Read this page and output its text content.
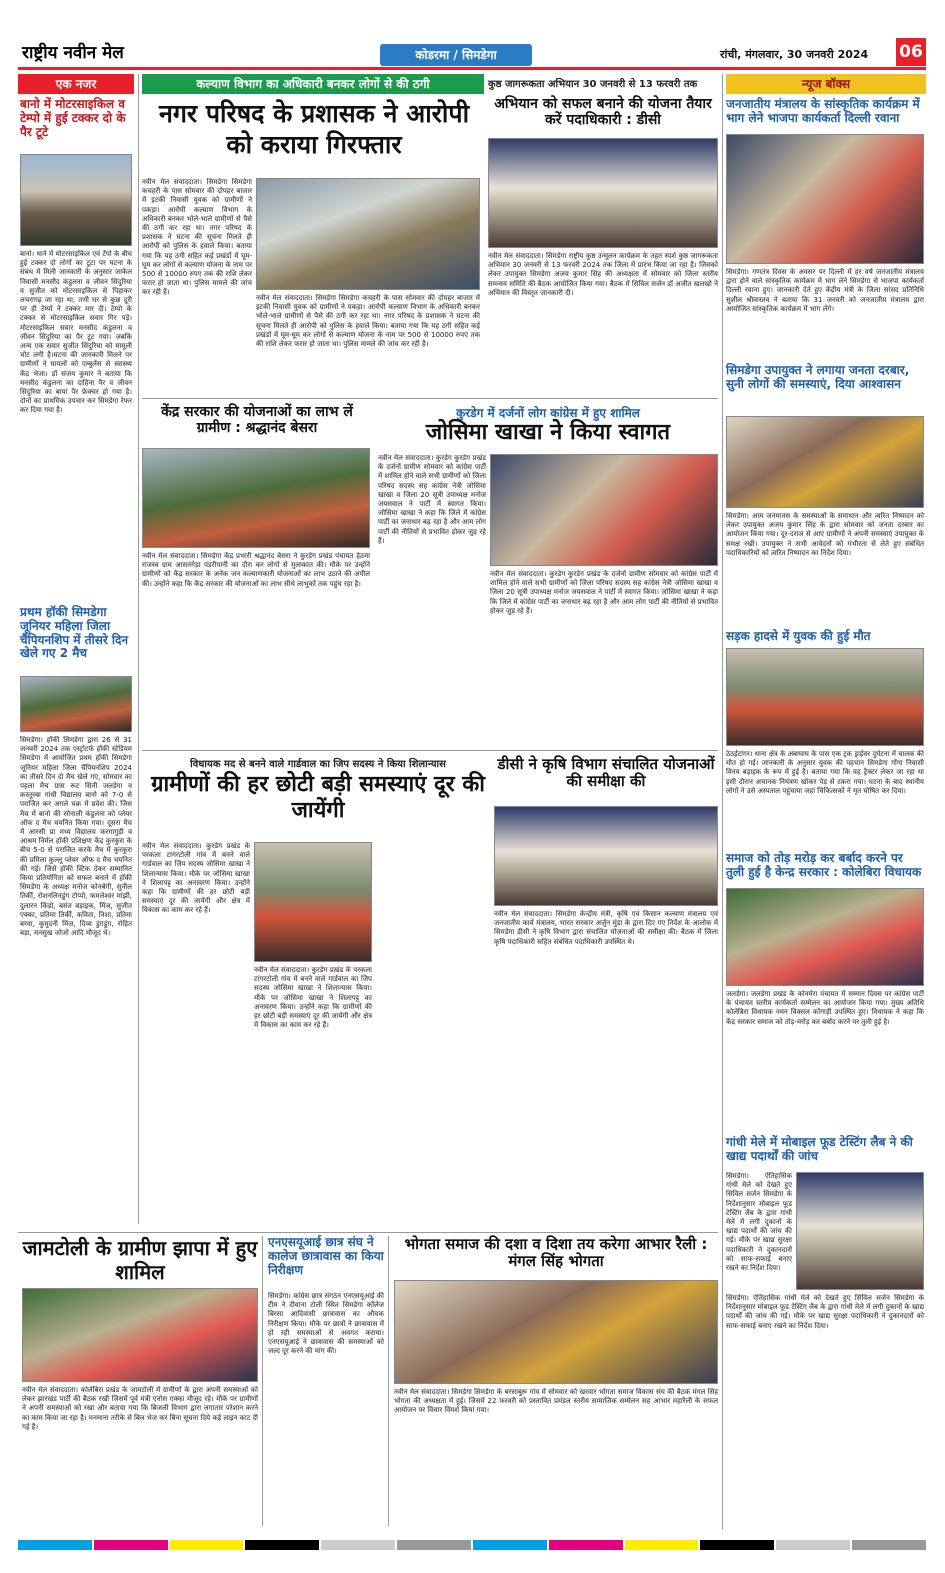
राष्ट्रीय नवीन मेल	कोडरमा / सिमडेगा	रांची, मंगलवार, 30 जनवरी 2024 06
एक नजर
बानो में मोटरसाइकिल व टेम्पो में हुई टक्कर दो के पैर टूटे
बानो। थाने में मोटरसाइकिल एवं टेंपो के बीच हुई टक्कर दो लोगों का टूटा पर घटना के संबंध में मिली जानकारी के अनुसार जाकेल निवासी मनसीद कंडुलना व जीवन सिंदुरिया व सुजीत को मोटरसाइकिल से पिहाकर लचरागढ़ जा रहा था, तभी घर से कुछ दूरी पर ही टेम्पो ने टक्कर मार दी। टेम्पो के टक्कर से मोटरसाइकिल सवार गिर पड़े। मोटरसाइकिल सवार मनसीद कंडुलना व जीवन सिंदुरिया का पैर टूट गया। जबकि अन्य एक सवार सुजीत सिंदुरिया को मामूली चोट लगी है।घटना की जानकारी मिलने पर ग्रामीणों ने घायलों को एम्बुलेंस से स्वास्थ्य केंद्र भेजा। डॉ संजय कुमार ने बताया कि मनसीद कंडुलना का दाहिना पैर व जीवन सिंदुरिया का बायां पैर फ्रेक्चर हो गया है। दोनों का प्राथमिक उपचार कर सिमडेगा रेफर कर दिया गया है।
प्रथम हॉकी सिमडेगा जूनियर महिला जिला चैंपियनशिप में तीसरे दिन खेले गए 2 मैच
सिमडेगा। हॉकी सिमडेगा द्वारा 26 से 31 जनवरी 2024 तक एस्ट्रोटर्फ हॉकी स्टेडियम सिमडेगा में आयोजित प्रथम हॉकी सिमडेगा जूनियर महिला जिला चैंपियनशिप 2024 का तीसरे दिन दो मैच खेले गए, सोमवार का पहला मैच ग्रास रूट सिनी जलडेगा व कस्तूरबा गांधी विद्यालय बानो को 7-0 से पराजित कर अगले चक्र में प्रवेश की। जिस मैच में बानो की सोनाली कंडुलना को प्लेयर ऑफ द मैच चयनित किया गया। दूसरा मैच में आरसी प्रा मध्य विद्यालय करगागुड़ी व आश्रम निर्मल हॉकी प्रशिक्षण केंद्र कुरकुरा के बीच 5-0 से पराजित करके मैच में कुरकुरा की प्रमिला कुल्लू प्लेयर ऑफ द मैच चयनित की गई। जिसे हॉकी स्टिक देकर सम्मानित किया प्रतियोगिता को सफल बनाने में हॉकी सिमडेगा के अध्यक्ष मनोज कोनबेगी, सुनील तिर्की, रोशनलिनडुंग टोप्पो, कमलेश्वर मांझी, दुलारन किंडो, बसंत बड़ाइक, मिंज, सुजीत एक्का, प्रतिमा तिर्की, कविता, निशा, प्रतिमा बरवा, कुमुदनी मिंज, दिव्य डुंगडुंग, रोहित बड़ा, मनसुख जोजो आदि मौजूद थे।
कल्याण विभाग का अधिकारी बनकर लोगों से की ठगी
नगर परिषद के प्रशासक ने आरोपी को कराया गिरफ्तार
नवीन मेल संवाददाता। सिमडेगा सिमडेगा कचहरी के पास सोमवार की दोपहर बाजार में इटकी निवासी युवक को ग्रामीणों ने पकड़ा। आरोपी कल्याण विभाग के अधिकारी बनकर भोले-भाले ग्रामीणों से पैसे की ठगी कर रहा था। नगर परिषद के प्रशासक ने घटना की सूचना मिलते ही आरोपी को पुलिस के हवाले किया। बताया गया कि यह ठगी सहित कई प्रखंडों में घूम-घूम कर लोगों से कल्याण योजना के नाम पर 500 से 10000 रुपए तक की राशि लेकर फरार हो जाता था। पुलिस मामले की जांच कर रही है।
नवीन मेल संवाददाता। सिमडेगा सिमडेगा कचहरी के पास सोमवार की दोपहर बाजार में इटकी निवासी युवक को ग्रामीणों ने पकड़ा। आरोपी कल्याण विभाग के अधिकारी बनकर भोले-भाले ग्रामीणों से पैसे की ठगी कर रहा था। नगर परिषद के प्रशासक ने घटना की सूचना मिलते ही आरोपी को पुलिस के हवाले किया। बताया गया कि यह ठगी सहित कई प्रखंडों में घूम-घूम कर लोगों से कल्याण योजना के नाम पर 500 से 10000 रुपए तक की राशि लेकर फरार हो जाता था। पुलिस मामले की जांच कर रही है।
कुष्ठ जागरूकता अभियान 30 जनवरी से 13 फरवरी तक
अभियान को सफल बनाने की योजना तैयार करें पदाधिकारी : डीसी
नवीन मेल संवाददाता। सिमडेगा राष्ट्रीय कुष्ठ उन्मूलन कार्यक्रम के तहत स्पर्श कुष्ठ जागरूकता अभियान 30 जनवरी से 13 फरवरी 2024 तक जिला में प्रारंभ किया जा रहा है। जिसको लेकर उपायुक्त सिमडेगा अजय कुमार सिंह की अध्यक्षता में सोमवार को जिला स्तरीय समन्वय समिति की बैठक आयोजित किया गया। बैठक में सिविल सर्जन डॉ अजीत खलखो ने अभियान की विस्तृत जानकारी दी।
न्यूज बॉक्स
जनजातीय मंत्रालय के सांस्कृतिक कार्यक्रम में भाग लेने भाजपा कार्यकर्ता दिल्ली रवाना
सिमडेगा। गणतंत्र दिवस के अवसर पर दिल्ली में हर वर्ष जनजातीय मंत्रालय द्वारा होने वाले सांस्कृतिक कार्यक्रम में भाग लेने सिमडेगा से भाजपा कार्यकर्ता दिल्ली रवाना हुए। जानकारी देते हुए केंद्रीय मंत्री के जिला सांसद प्रतिनिधि सुशील श्रीवास्तव ने बताया कि 31 जनवरी को जनजातीय मंत्रालय द्वारा आयोजित सांस्कृतिक कार्यक्रम में भाग लेंगे।
सिमडेगा उपायुक्त ने लगाया जनता दरबार, सुनी लोगों की समस्याएं, दिया आश्वासन
सिमडेगा। आम जनमानस के समस्याओं के समाधान और त्वरित निष्पादन को लेकर उपायुक्त अजय कुमार सिंह के द्वारा सोमवार को जनता दरबार का आयोजन किया गया। दूर-दराज से आए ग्रामीणों ने अपनी समस्याएं उपायुक्त के समक्ष रखी। उपायुक्त ने सभी आवेदनों को गंभीरता से लेते हुए संबंधित पदाधिकारियों को त्वरित निष्पादन का निर्देश दिया।
सड़क हादसे में युवक की हुई मौत
ठेठईटांगर। थाना क्षेत्र के अंबाघाघ के पास एक ट्रक ड्राईवर दुर्घटना में चालक की मौत हो गई। जानकारी के अनुसार युवक की पहचान सिमडेगा गोंगा निवासी विनय बड़ाइक के रूप में हुई है। बताया गया कि वह ट्रैक्टर लेकर जा रहा था इसी दौरान अचानक नियंत्रण खोकर पेड़ से टकरा गया। घटना के बाद स्थानीय लोगों ने उसे अस्पताल पहुंचाया जहां चिकित्सकों ने मृत घोषित कर दिया।
समाज को तोड़ मरोड़ कर बर्बाद करने पर तुली हुई है केन्द्र सरकार : कोलेबिरा विधायक
जलडेगा। जलडेगा प्रखंड के कोनमेरा पंचायत में सम्मान दिवस पर कांग्रेस पार्टी के पंचायत स्तरीय कार्यकर्ता सम्मेलन का आयोजन किया गया। मुख्य अतिथि कोलेबिरा विधायक नमन विक्सल कोंगाड़ी उपस्थित हुए। विधायक ने कहा कि केंद्र सरकार समाज को तोड़-मरोड़ कर बर्बाद करने पर तुली हुई है।
गांधी मेले में मोबाइल फूड टेस्टिंग लैब ने की खाद्य पदार्थों की जांच
सिमडेगा। ऐतिहासिक गांधी मेले को देखते हुए सिविल सर्जन सिमडेगा के निर्देशानुसार मोबाइल फूड टेस्टिंग लैब के द्वारा गांधी मेले में लगी दुकानों के खाद्य पदार्थों की जांच की गई। मौके पर खाद्य सुरक्षा पदाधिकारी ने दुकानदारों को साफ-सफाई बनाए रखने का निर्देश दिया।
सिमडेगा। ऐतिहासिक गांधी मेले को देखते हुए सिविल सर्जन सिमडेगा के निर्देशानुसार मोबाइल फूड टेस्टिंग लैब के द्वारा गांधी मेले में लगी दुकानों के खाद्य पदार्थों की जांच की गई। मौके पर खाद्य सुरक्षा पदाधिकारी ने दुकानदारों को साफ-सफाई बनाए रखने का निर्देश दिया।
केंद्र सरकार की योजनाओं का लाभ लें ग्रामीण : श्रद्धानंद बेसरा
नवीन मेल संवाददाता। सिमडेगा केंद्र प्रभारी श्रद्धानंद बेसरा ने कुरडेग प्रखंड पंचायत हेठमा राजस्व ग्राम आसनंगेड़ा पंडरीपानी का दौरा कर लोगों से मुलाकात की। मौके पर उन्होंने ग्रामीणों को केंद्र सरकार के अनेक जन कल्याणकारी योजनाओं का लाभ उठाने की अपील की। उन्होंने कहा कि केंद्र सरकार की योजनाओं का लाभ सीधे लाभुकों तक पहुंच रहा है।
कुरडेग में दर्जनों लोग कांग्रेस में हुए शामिल
जोसिमा खाखा ने किया स्वागत
नवीन मेल संवाददाता। कुरडेग कुरडेग प्रखंड के दर्जनों ग्रामीण सोमवार को कांग्रेस पार्टी में शामिल होने वाले सभी ग्रामीणों को जिला परिषद सदस्य सह कांग्रेस नेत्री जोसिमा खाखा व जिला 20 सूत्री उपाध्यक्ष मनोज जयसवाल ने पार्टी में स्वागत किया। जोसिमा खाखा ने कहा कि जिले में कांग्रेस पार्टी का जनाधार बढ़ रहा है और आम लोग पार्टी की नीतियों से प्रभावित होकर जुड़ रहे हैं।
नवीन मेल संवाददाता। कुरडेग कुरडेग प्रखंड के दर्जनों ग्रामीण सोमवार को कांग्रेस पार्टी में शामिल होने वाले सभी ग्रामीणों को जिला परिषद सदस्य सह कांग्रेस नेत्री जोसिमा खाखा व जिला 20 सूत्री उपाध्यक्ष मनोज जयसवाल ने पार्टी में स्वागत किया। जोसिमा खाखा ने कहा कि जिले में कांग्रेस पार्टी का जनाधार बढ़ रहा है और आम लोग पार्टी की नीतियों से प्रभावित होकर जुड़ रहे हैं।
विधायक मद से बनने वाले गार्डवाल का जिप सदस्य ने किया शिलान्यास
ग्रामीणों की हर छोटी बड़ी समस्याएं दूर की जायेंगी
नवीन मेल संवाददाता। कुरडेग प्रखंड के परकला टांगरटोली गांव में बनने वाले गार्डवाल का जिप सदस्य जोसिमा खाखा ने शिलान्यास किया। मौके पर जोसिमा खाखा ने शिलापट्ट का अनावरण किया। उन्होंने कहा कि ग्रामीणों की हर छोटी बड़ी समस्याएं दूर की जायेंगी और क्षेत्र में विकास का काम कर रहे हैं।
नवीन मेल संवाददाता। कुरडेग प्रखंड के परकला टांगरटोली गांव में बनने वाले गार्डवाल का जिप सदस्य जोसिमा खाखा ने शिलान्यास किया। मौके पर जोसिमा खाखा ने शिलापट्ट का अनावरण किया। उन्होंने कहा कि ग्रामीणों की हर छोटी बड़ी समस्याएं दूर की जायेंगी और क्षेत्र में विकास का काम कर रहे हैं।
डीसी ने कृषि विभाग संचालित योजनाओं की समीक्षा की
नवीन मेल संवाददाता। सिमडेगा केन्द्रीय मंत्री, कृषि एवं किसान कल्याण मंत्रालय एवं जनजातीय कार्य मंत्रालय, भारत सरकार अर्जुन मुंडा के द्वारा दिए गए निर्देश के आलोक में सिमडेगा डीसी ने कृषि विभाग द्वारा संचालित योजनाओं की समीक्षा की। बैठक में जिला कृषि पदाधिकारी सहित संबंधित पदाधिकारी उपस्थित थे।
जामटोली के ग्रामीण झापा में हुए शामिल
नवीन मेल संवाददाता। कोलेबिरा प्रखंड के जामटोली में ग्रामीणों के द्वारा अपनी समस्याओं को लेकर झारखंड पार्टी की बैठक रखी जिसमें पूर्व मंत्री एनोस एक्का मौजूद रहे। मौके पर ग्रामीणों ने अपनी समस्याओं को रखा और बताया गया कि बिजली विभाग द्वारा लगातार परेशान करने का काम किया जा रहा है। मनमाना तरीके से बिल भेज कर बिना सूचना दिये कई लाइन काट दी गई है।
एनएसयूआई छात्र संघ ने कालेज छात्रावास का किया निरीक्षण
सिमडेगा। कांग्रेस छात्र संगठन एनएसयूआई की टीम ने दीवाना टोली स्थित सिमडेगा कॉलेज बिरसा आदिवासी छात्रावास का औचक निरीक्षण किया। मौके पर छात्रों ने छात्रावास में हो रही समस्याओं से अवगत कराया। एनएसयूआई ने छात्रावास की समस्याओं को जल्द दूर करने की मांग की।
भोगता समाज की दशा व दिशा तय करेगा आभार रैली : मंगल सिंह भोगता
नवीन मेल संवाददाता। सिमडेगा सिमडेगा के बरसाबुरू गांव में सोमवार को खरवार भोगता समाज विकास संघ की बैठक मंगल सिंह भोगता की अध्यक्षता में हुई। जिसमें 22 फरवरी को प्रस्तावित प्रमंडल स्तरीय सामाजिक सम्मेलन सह आभार महारैली के सफल आयोजन पर विचार विमर्श किया गया।
